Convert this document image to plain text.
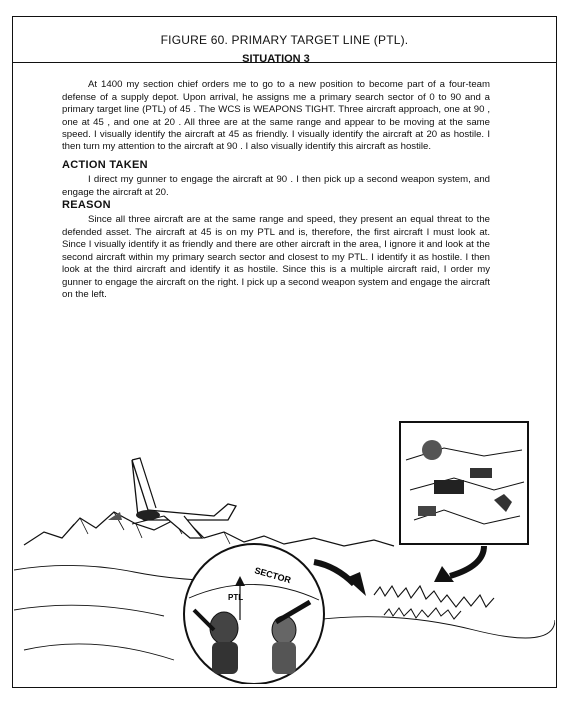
FIGURE 60. PRIMARY TARGET LINE (PTL).
SITUATION 3

At 1400 my section chief orders me to go to a new position to become part of a four-team defense of a supply depot. Upon arrival, he assigns me a primary search sector of 0 to 90 and a primary target line (PTL) of 45 . The WCS is WEAPONS TIGHT. Three aircraft approach, one at 90 , one at 45 , and one at 20 . All three are at the same range and appear to be moving at the same speed. I visually identify the aircraft at 45 as friendly. I visually identify the aircraft at 20 as hostile. I then turn my attention to the aircraft at 90 . I also visually identify this aircraft as hostile.

ACTION TAKEN

I direct my gunner to engage the aircraft at 90 . I then pick up a second weapon system, and engage the aircraft at 20.

REASON

Since all three aircraft are at the same range and speed, they present an equal threat to the defended asset. The aircraft at 45 is on my PTL and is, therefore, the first aircraft I must look at. Since I visually identify it as friendly and there are other aircraft in the area, I ignore it and look at the second aircraft within my primary search sector and closest to my PTL. I identify it as hostile. I then look at the third aircraft and identify it as hostile. Since this is a multiple aircraft raid, I order my gunner to engage the aircraft on the right. I pick up a second weapon system and engage the aircraft on the left.

SECTOR
PTL
